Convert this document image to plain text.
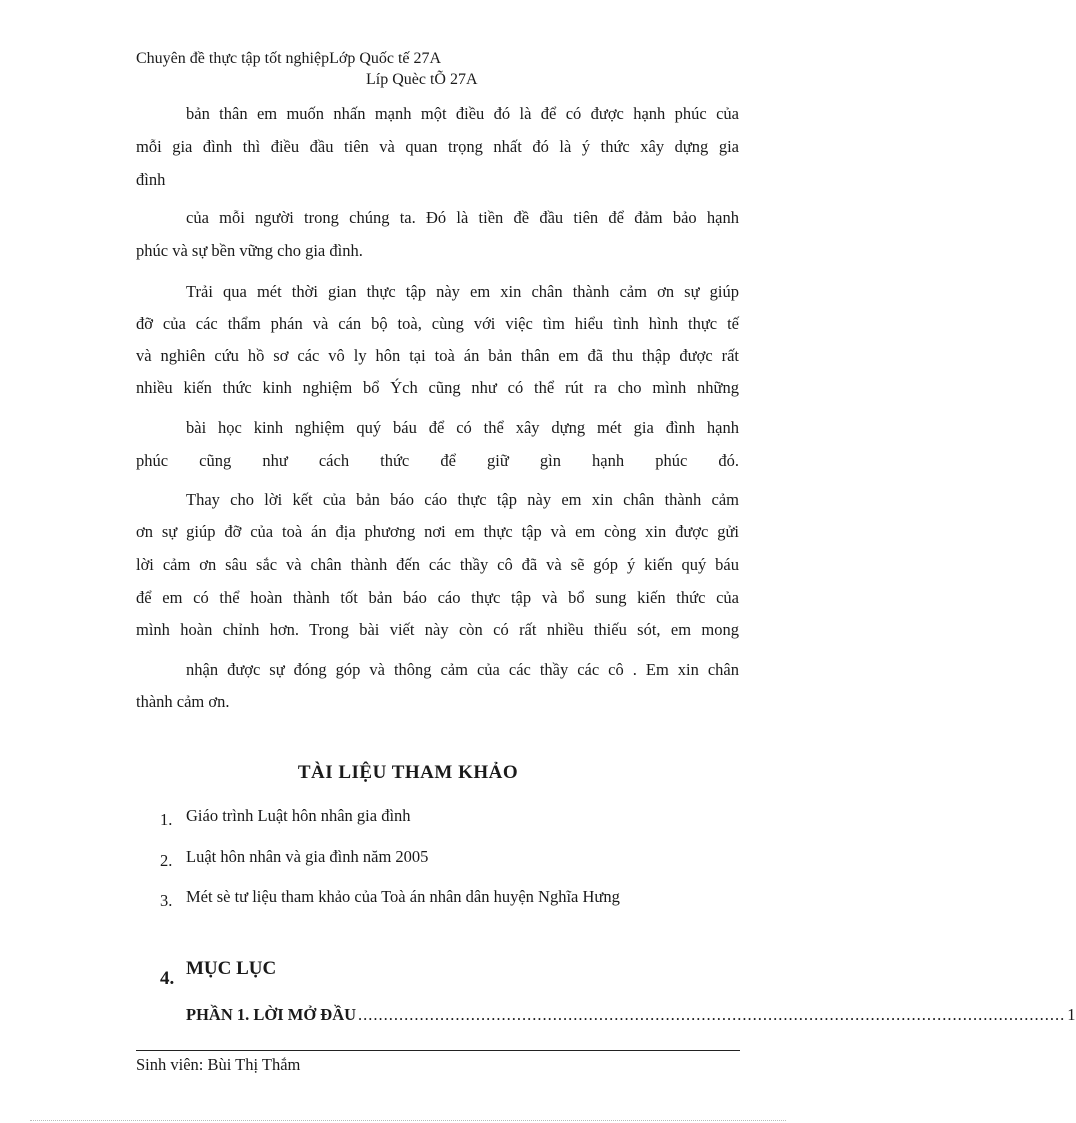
Chuyên đề thực tập tốt nghiệpLớp Quốc tế 27A
Líp Quèc tÕ 27A
bản thân em muốn nhấn mạnh một điều đó là để có được hạnh phúc của
mỗi gia đình thì điều đầu tiên và quan trọng nhất đó là ý thức xây dựng gia
đình
của mỗi người trong chúng ta. Đó là tiền đề đầu tiên để đảm bảo hạnh
phúc và sự bền vững cho gia đình.
Trải qua mét thời gian thực tập này em xin chân thành cảm ơn sự giúp
đỡ của các thẩm phán và cán bộ toà, cùng với việc tìm hiểu tình hình thực tế
và nghiên cứu hồ sơ các vô ly hôn tại toà án bản thân em đã thu thập được rất
nhiều kiến thức kinh nghiệm bổ Ých cũng như có thể rút ra cho mình những
bài học kinh nghiệm quý báu để có thể xây dựng mét gia đình hạnh
phúc cũng như cách thức để giữ gìn hạnh phúc đó.
Thay cho lời kết của bản báo cáo thực tập này em xin chân thành cảm
ơn sự giúp đỡ của toà án địa phương nơi em thực tập và em còng xin được gửi
lời cảm ơn sâu sắc và chân thành đến các thầy cô đã và sẽ góp ý kiến quý báu
để em có thể hoàn thành tốt bản báo cáo thực tập và bổ sung kiến thức của
mình hoàn chỉnh hơn. Trong bài viết này còn có rất nhiều thiếu sót, em mong
nhận được sự đóng góp và thông cảm của các thầy các cô . Em xin chân
thành cảm ơn.
TÀI LIỆU THAM KHẢO
1. Giáo trình Luật hôn nhân gia đình
2. Luật hôn nhân và gia đình năm 2005
3. Mét sè tư liệu tham khảo của Toà án nhân dân huyện Nghĩa Hưng
4. MỤC LỤC
PHẦN 1. LỜI MỞ ĐẦU .......................................................................................................................................... 1
Sinh viên: Bùi Thị Thắm
